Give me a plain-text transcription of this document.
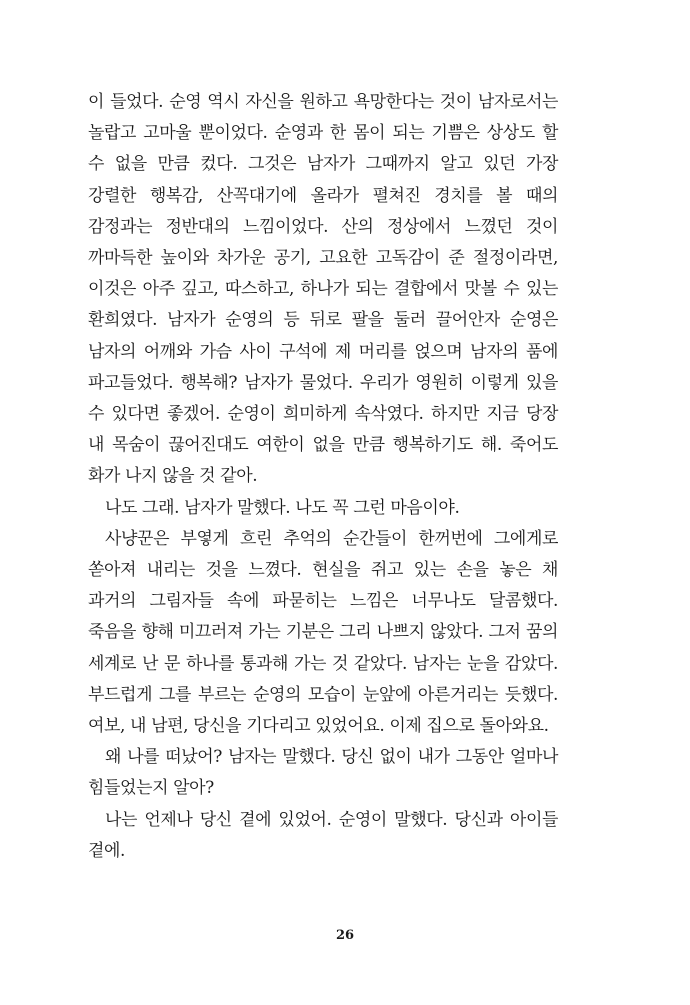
이 들었다. 순영 역시 자신을 원하고 욕망한다는 것이 남자로서는 놀랍고 고마울 뿐이었다. 순영과 한 몸이 되는 기쁨은 상상도 할 수 없을 만큼 컸다. 그것은 남자가 그때까지 알고 있던 가장 강렬한 행복감, 산꼭대기에 올라가 펼쳐진 경치를 볼 때의 감정과는 정반대의 느낌이었다. 산의 정상에서 느꼈던 것이 까마득한 높이와 차가운 공기, 고요한 고독감이 준 절정이라면, 이것은 아주 깊고, 따스하고, 하나가 되는 결합에서 맛볼 수 있는 환희였다. 남자가 순영의 등 뒤로 팔을 둘러 끌어안자 순영은 남자의 어깨와 가슴 사이 구석에 제 머리를 얹으며 남자의 품에 파고들었다. 행복해? 남자가 물었다. 우리가 영원히 이렇게 있을 수 있다면 좋겠어. 순영이 희미하게 속삭였다. 하지만 지금 당장 내 목숨이 끊어진대도 여한이 없을 만큼 행복하기도 해. 죽어도 화가 나지 않을 것 같아.

나도 그래. 남자가 말했다. 나도 꼭 그런 마음이야.

사냥꾼은 부옇게 흐린 추억의 순간들이 한꺼번에 그에게로 쏟아져 내리는 것을 느꼈다. 현실을 쥐고 있는 손을 놓은 채 과거의 그림자들 속에 파묻히는 느낌은 너무나도 달콤했다. 죽음을 향해 미끄러져 가는 기분은 그리 나쁘지 않았다. 그저 꿈의 세계로 난 문 하나를 통과해 가는 것 같았다. 남자는 눈을 감았다. 부드럽게 그를 부르는 순영의 모습이 눈앞에 아른거리는 듯했다. 여보, 내 남편, 당신을 기다리고 있었어요. 이제 집으로 돌아와요.

왜 나를 떠났어? 남자는 말했다. 당신 없이 내가 그동안 얼마나 힘들었는지 알아?

나는 언제나 당신 곁에 있었어. 순영이 말했다. 당신과 아이들 곁에.

26
